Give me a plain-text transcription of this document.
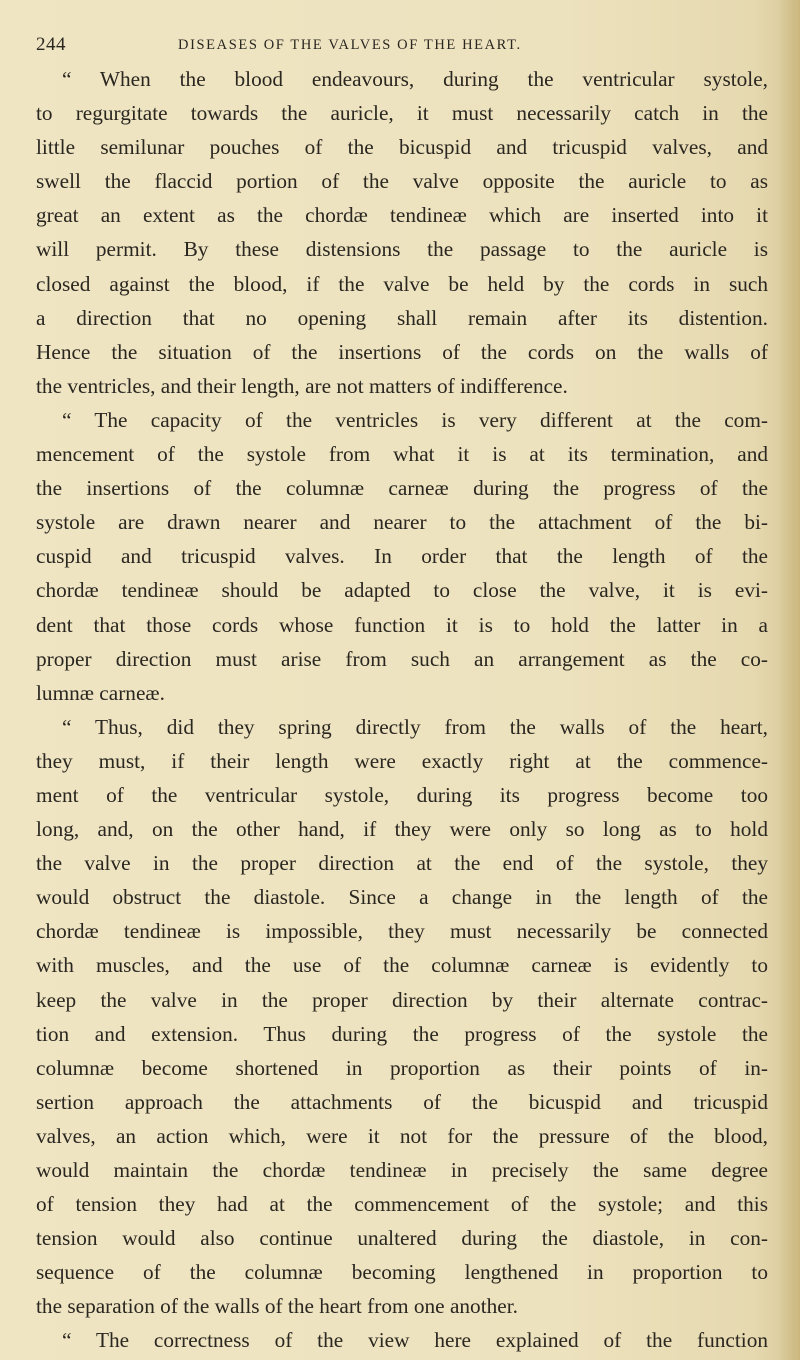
244	DISEASES OF THE VALVES OF THE HEART.
“ When the blood endeavours, during the ventricular systole,
to regurgitate towards the auricle, it must necessarily catch in the
little semilunar pouches of the bicuspid and tricuspid valves, and
swell the flaccid portion of the valve opposite the auricle to as
great an extent as the chordæ tendineæ which are inserted into it
will permit. By these distensions the passage to the auricle is
closed against the blood, if the valve be held by the cords in such
a direction that no opening shall remain after its distention.
Hence the situation of the insertions of the cords on the walls of
the ventricles, and their length, are not matters of indifference.
“ The capacity of the ventricles is very different at the com-
mencement of the systole from what it is at its termination, and
the insertions of the columnæ carneæ during the progress of the
systole are drawn nearer and nearer to the attachment of the bi-
cuspid and tricuspid valves. In order that the length of the
chordæ tendineæ should be adapted to close the valve, it is evi-
dent that those cords whose function it is to hold the latter in a
proper direction must arise from such an arrangement as the co-
lumnæ carneæ.
“ Thus, did they spring directly from the walls of the heart,
they must, if their length were exactly right at the commence-
ment of the ventricular systole, during its progress become too
long, and, on the other hand, if they were only so long as to hold
the valve in the proper direction at the end of the systole, they
would obstruct the diastole. Since a change in the length of the
chordæ tendineæ is impossible, they must necessarily be connected
with muscles, and the use of the columnæ carneæ is evidently to
keep the valve in the proper direction by their alternate contrac-
tion and extension. Thus during the progress of the systole the
columnæ become shortened in proportion as their points of in-
sertion approach the attachments of the bicuspid and tricuspid
valves, an action which, were it not for the pressure of the blood,
would maintain the chordæ tendineæ in precisely the same degree
of tension they had at the commencement of the systole; and this
tension would also continue unaltered during the diastole, in con-
sequence of the columnæ becoming lengthened in proportion to
the separation of the walls of the heart from one another.
“ The correctness of the view here explained of the function
